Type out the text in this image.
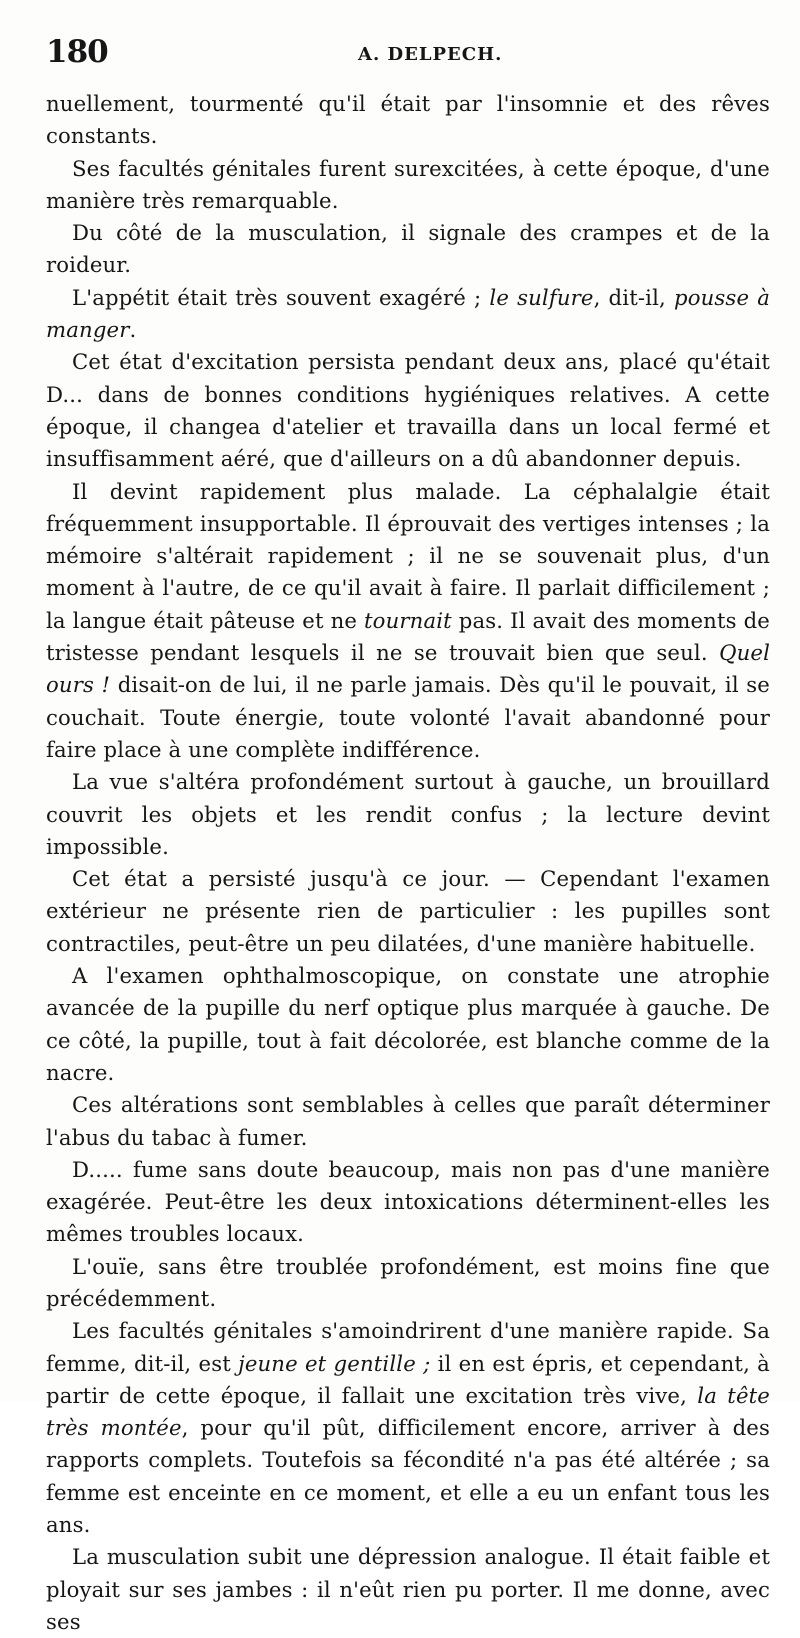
180	A. DELPECH.

nuellement, tourmenté qu'il était par l'insomnie et des rêves constants.

Ses facultés génitales furent surexcitées, à cette époque, d'une manière très remarquable.

Du côté de la musculation, il signale des crampes et de la roideur.

L'appétit était très souvent exagéré ; le sulfure, dit-il, pousse à manger.

Cet état d'excitation persista pendant deux ans, placé qu'était D... dans de bonnes conditions hygiéniques relatives. A cette époque, il changea d'atelier et travailla dans un local fermé et insuffisamment aéré, que d'ailleurs on a dû abandonner depuis.

Il devint rapidement plus malade. La céphalalgie était fréquemment insupportable. Il éprouvait des vertiges intenses ; la mémoire s'altérait rapidement ; il ne se souvenait plus, d'un moment à l'autre, de ce qu'il avait à faire. Il parlait difficilement ; la langue était pâteuse et ne tournait pas. Il avait des moments de tristesse pendant lesquels il ne se trouvait bien que seul. Quel ours ! disait-on de lui, il ne parle jamais. Dès qu'il le pouvait, il se couchait. Toute énergie, toute volonté l'avait abandonné pour faire place à une complète indifférence.

La vue s'altéra profondément surtout à gauche, un brouillard couvrit les objets et les rendit confus ; la lecture devint impossible.

Cet état a persisté jusqu'à ce jour. — Cependant l'examen extérieur ne présente rien de particulier : les pupilles sont contractiles, peut-être un peu dilatées, d'une manière habituelle.

A l'examen ophthalmoscopique, on constate une atrophie avancée de la pupille du nerf optique plus marquée à gauche. De ce côté, la pupille, tout à fait décolorée, est blanche comme de la nacre.

Ces altérations sont semblables à celles que paraît déterminer l'abus du tabac à fumer.

D..... fume sans doute beaucoup, mais non pas d'une manière exagérée. Peut-être les deux intoxications déterminent-elles les mêmes troubles locaux.

L'ouïe, sans être troublée profondément, est moins fine que précédemment.

Les facultés génitales s'amoindrirent d'une manière rapide. Sa femme, dit-il, est jeune et gentille ; il en est épris, et cependant, à partir de cette époque, il fallait une excitation très vive, la tête très montée, pour qu'il pût, difficilement encore, arriver à des rapports complets. Toutefois sa fécondité n'a pas été altérée ; sa femme est enceinte en ce moment, et elle a eu un enfant tous les ans.

La musculation subit une dépression analogue. Il était faible et ployait sur ses jambes : il n'eût rien pu porter. Il me donne, avec ses
